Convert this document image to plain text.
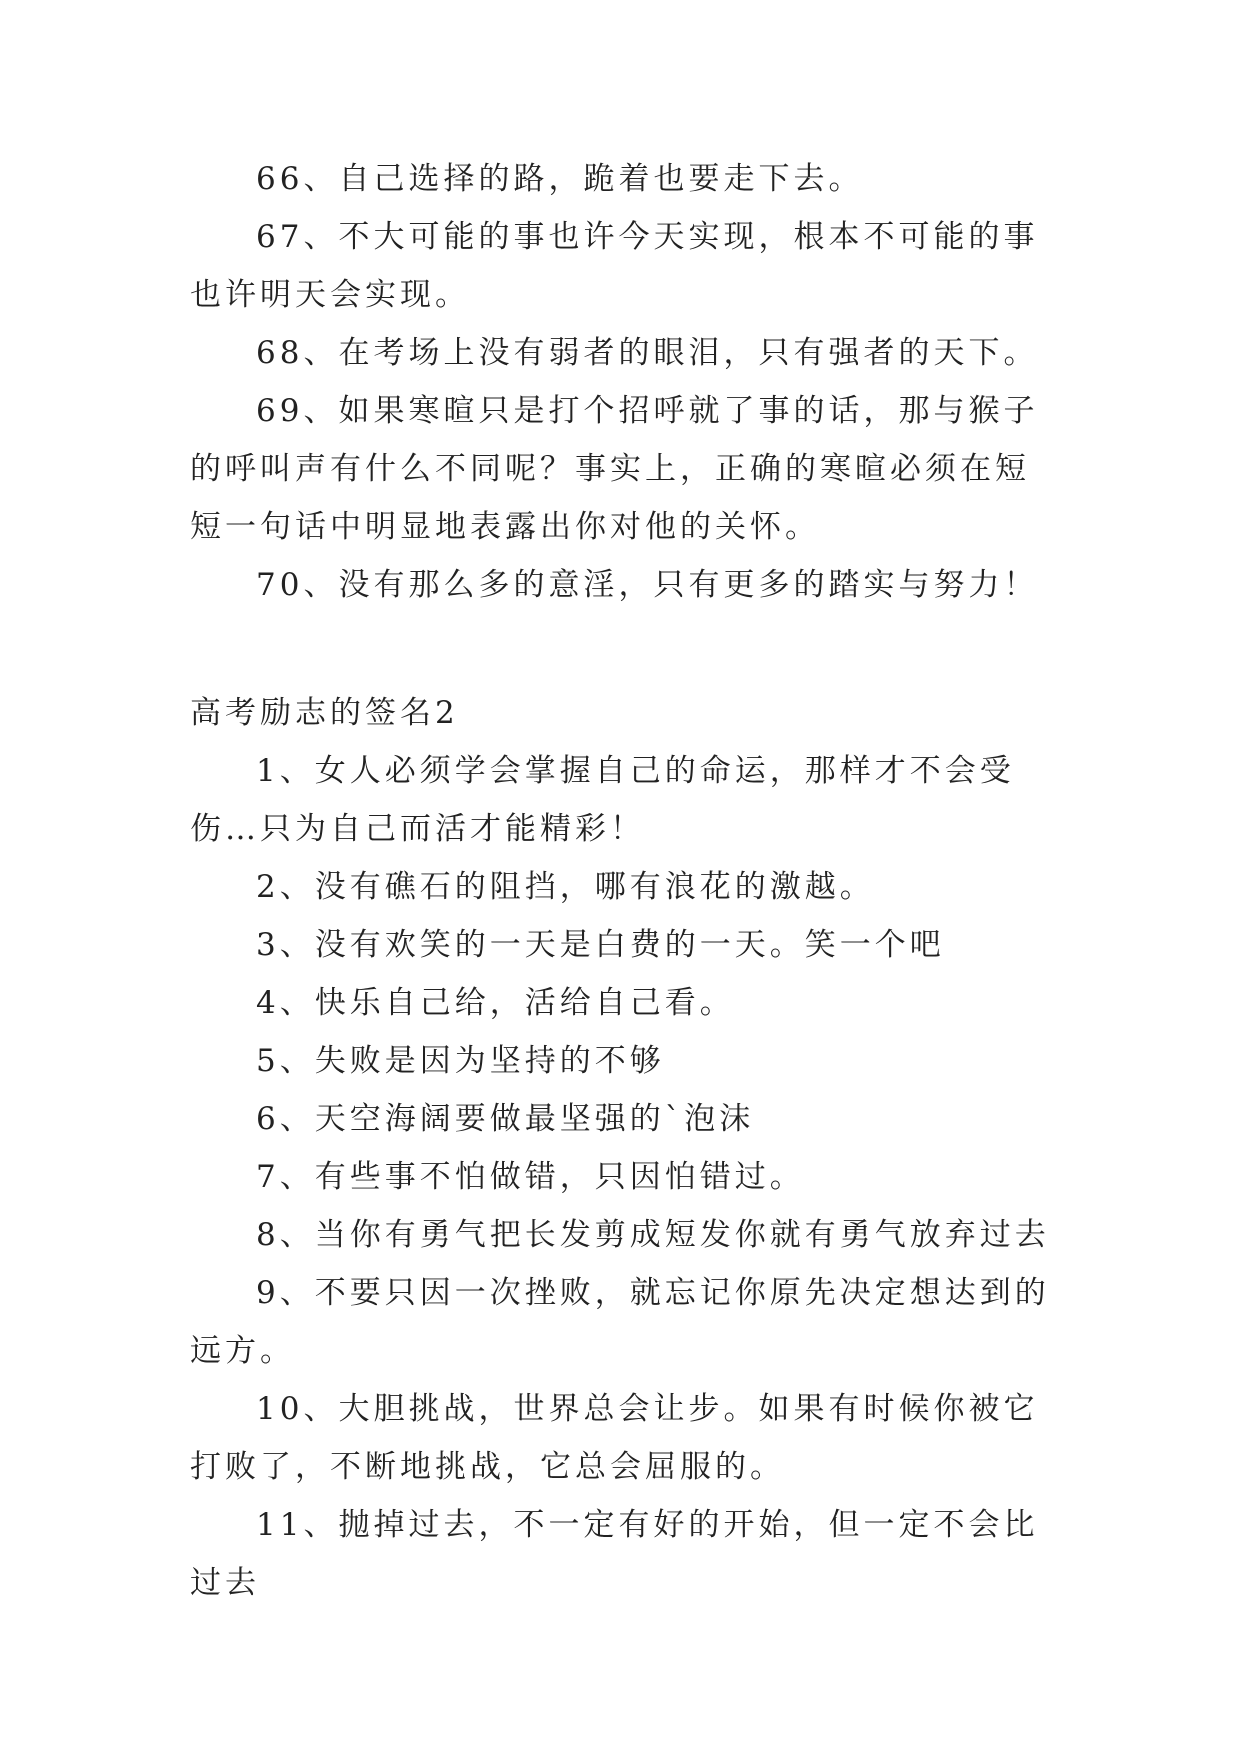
66、自己选择的路，跪着也要走下去。

67、不大可能的事也许今天实现，根本不可能的事也许明天会实现。

68、在考场上没有弱者的眼泪，只有强者的天下。

69、如果寒暄只是打个招呼就了事的话，那与猴子的呼叫声有什么不同呢？事实上，正确的寒暄必须在短短一句话中明显地表露出你对他的关怀。

70、没有那么多的意淫，只有更多的踏实与努力！

高考励志的签名2

1、女人必须学会掌握自己的命运，那样才不会受伤…只为自己而活才能精彩！

2、没有礁石的阻挡，哪有浪花的激越。

3、没有欢笑的一天是白费的一天。笑一个吧

4、快乐自己给，活给自己看。

5、失败是因为坚持的不够

6、天空海阔要做最坚强的`泡沫

7、有些事不怕做错，只因怕错过。

8、当你有勇气把长发剪成短发你就有勇气放弃过去

9、不要只因一次挫败，就忘记你原先决定想达到的远方。

10、大胆挑战，世界总会让步。如果有时候你被它打败了，不断地挑战，它总会屈服的。

11、抛掉过去，不一定有好的开始，但一定不会比过去
